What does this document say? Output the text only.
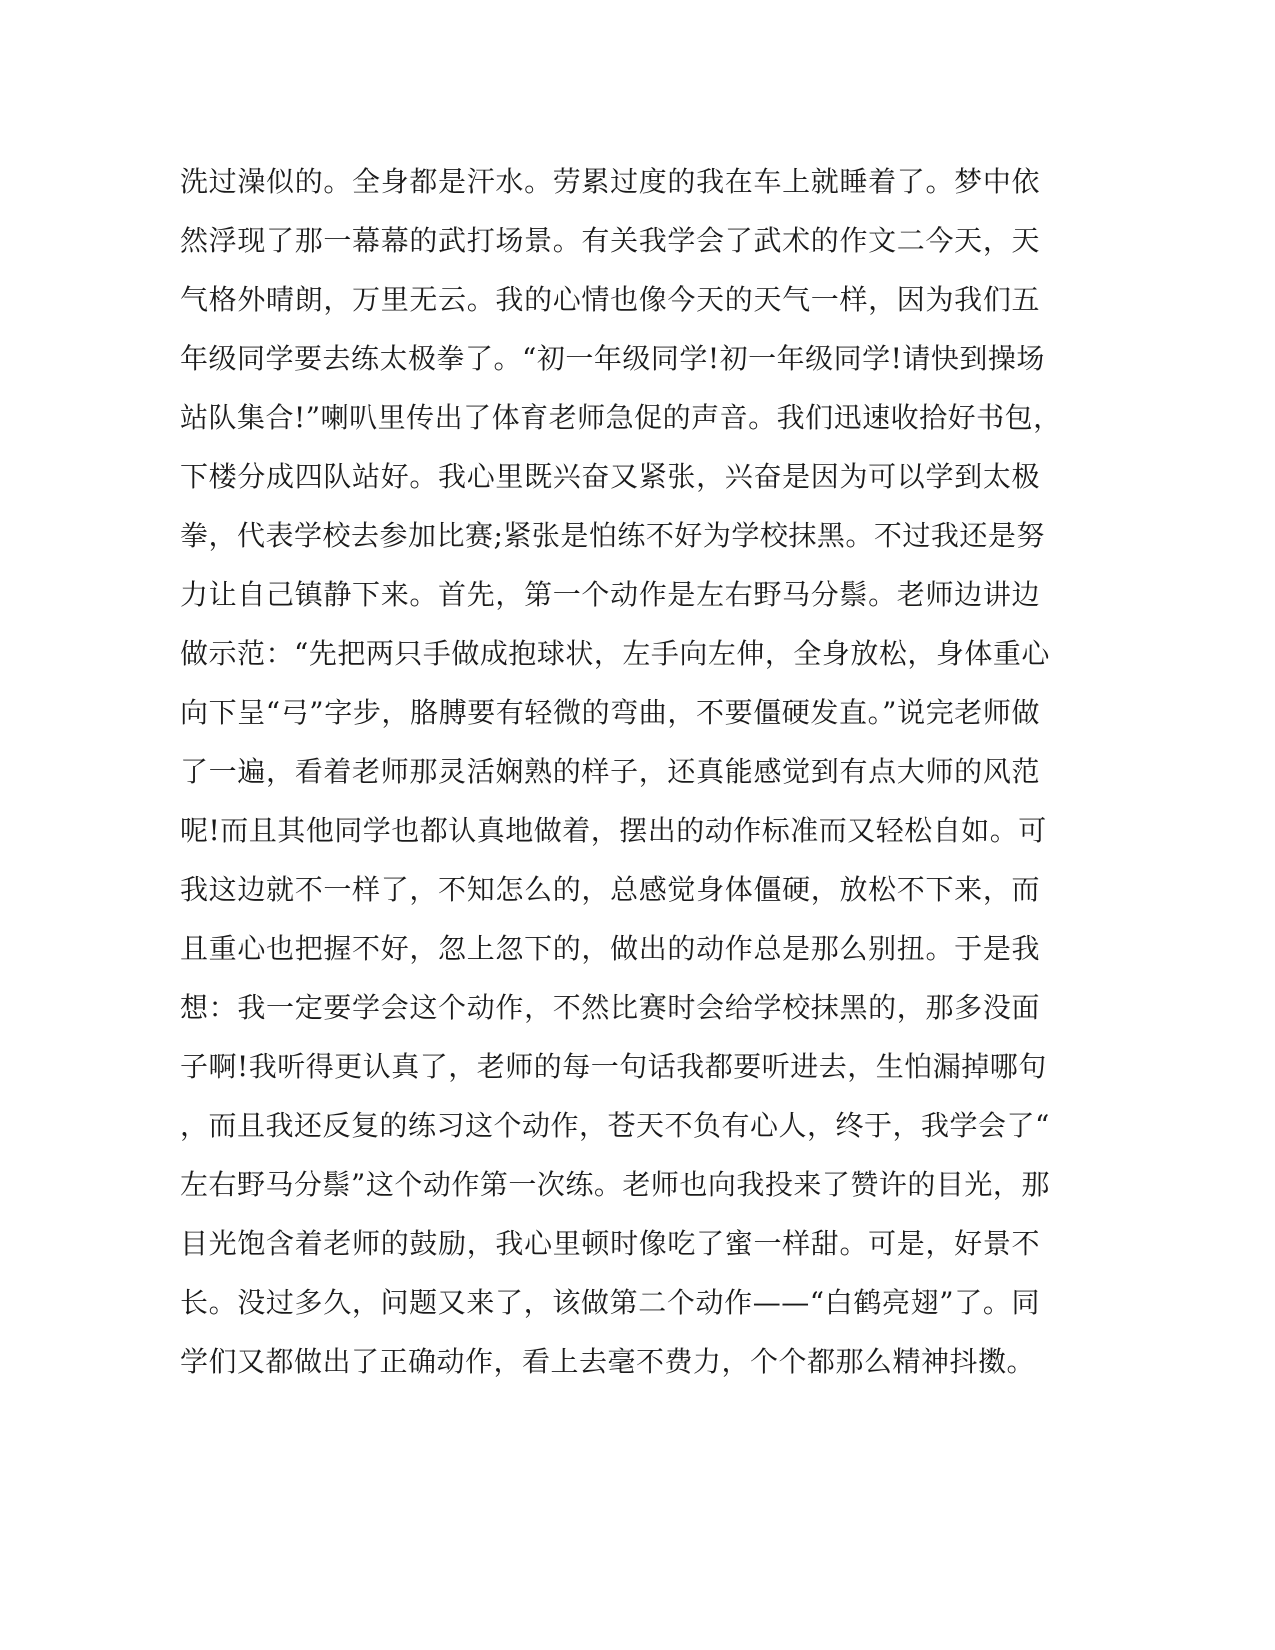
洗过澡似的。全身都是汗水。劳累过度的我在车上就睡着了。梦中依
然浮现了那一幕幕的武打场景。有关我学会了武术的作文二今天，天
气格外晴朗，万里无云。我的心情也像今天的天气一样，因为我们五
年级同学要去练太极拳了。“初一年级同学!初一年级同学!请快到操场
站队集合!”喇叭里传出了体育老师急促的声音。我们迅速收拾好书包，
下楼分成四队站好。我心里既兴奋又紧张，兴奋是因为可以学到太极
拳，代表学校去参加比赛;紧张是怕练不好为学校抹黑。不过我还是努
力让自己镇静下来。首先，第一个动作是左右野马分鬃。老师边讲边
做示范：“先把两只手做成抱球状，左手向左伸，全身放松，身体重心
向下呈“弓”字步，胳膊要有轻微的弯曲，不要僵硬发直。”说完老师做
了一遍，看着老师那灵活娴熟的样子，还真能感觉到有点大师的风范
呢!而且其他同学也都认真地做着，摆出的动作标准而又轻松自如。可
我这边就不一样了，不知怎么的，总感觉身体僵硬，放松不下来，而
且重心也把握不好，忽上忽下的，做出的动作总是那么别扭。于是我
想：我一定要学会这个动作，不然比赛时会给学校抹黑的，那多没面
子啊!我听得更认真了，老师的每一句话我都要听进去，生怕漏掉哪句
，而且我还反复的练习这个动作，苍天不负有心人，终于，我学会了“
左右野马分鬃”这个动作第一次练。老师也向我投来了赞许的目光，那
目光饱含着老师的鼓励，我心里顿时像吃了蜜一样甜。可是，好景不
长。没过多久，问题又来了，该做第二个动作——“白鹤亮翅”了。同
学们又都做出了正确动作，看上去毫不费力，个个都那么精神抖擞。
